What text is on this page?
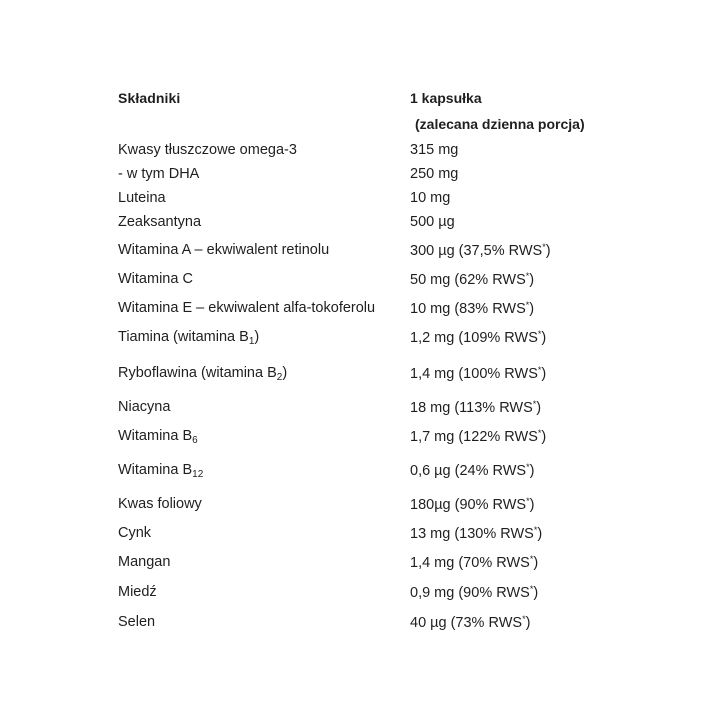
Składniki	1 kapsułka
(zalecana dzienna porcja)
Kwasy tłuszczowe omega-3	315 mg
- w tym DHA	250 mg
Luteina	10 mg
Zeaksantyna	500 µg
Witamina A – ekwiwalent retinolu	300 µg (37,5% RWS*)
Witamina C	50 mg (62% RWS*)
Witamina E – ekwiwalent alfa-tokoferolu 10 mg (83% RWS*)
Tiamina (witamina $B_1$)	1,2 mg (109% RWS*)
Ryboflawina (witamina $B_2$)	1,4 mg (100% RWS*)
Niacyna	18 mg (113% RWS*)
Witamina $B_6$	1,7 mg (122% RWS*)
Witamina $B_{12}$	0,6 µg (24% RWS*)
Kwas foliowy	180µg (90% RWS*)
Cynk	13 mg (130% RWS*)
Mangan	1,4 mg (70% RWS*)
Miedź	0,9 mg (90% RWS*)
Selen	40 µg (73% RWS*)
